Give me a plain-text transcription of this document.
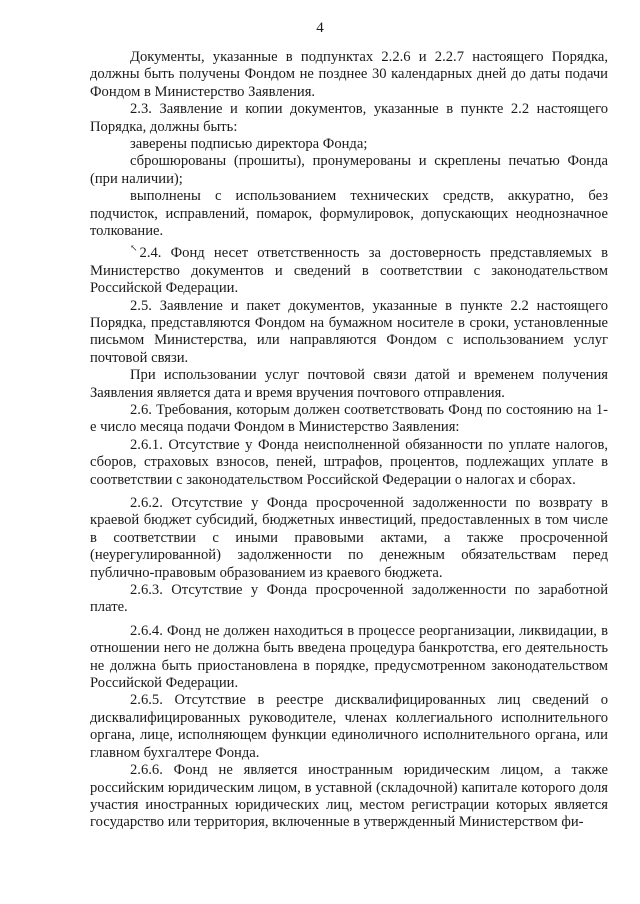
4

Документы, указанные в подпунктах 2.2.6 и 2.2.7 настоящего Порядка, должны быть получены Фондом не позднее 30 календарных дней до даты подачи Фондом в Министерство Заявления.

2.3. Заявление и копии документов, указанные в пункте 2.2 настоящего Порядка, должны быть:

заверены подписью директора Фонда;

сброшюрованы (прошиты), пронумерованы и скреплены печатью Фонда (при наличии);

выполнены с использованием технических средств, аккуратно, без подчисток, исправлений, помарок, формулировок, допускающих неоднозначное толкование.

↖ 2.4. Фонд несет ответственность за достоверность представляемых в Министерство документов и сведений в соответствии с законодательством Российской Федерации.

2.5. Заявление и пакет документов, указанные в пункте 2.2 настоящего Порядка, представляются Фондом на бумажном носителе в сроки, установленные письмом Министерства, или направляются Фондом с использованием услуг почтовой связи.

При использовании услуг почтовой связи датой и временем получения Заявления является дата и время вручения почтового отправления.

2.6. Требования, которым должен соответствовать Фонд по состоянию на 1-е число месяца подачи Фондом в Министерство Заявления:

2.6.1. Отсутствие у Фонда неисполненной обязанности по уплате налогов, сборов, страховых взносов, пеней, штрафов, процентов, подлежащих уплате в соответствии с законодательством Российской Федерации о налогах и сборах.

2.6.2. Отсутствие у Фонда просроченной задолженности по возврату в краевой бюджет субсидий, бюджетных инвестиций, предоставленных в том числе в соответствии с иными правовыми актами, а также просроченной (неурегулированной) задолженности по денежным обязательствам перед публично-правовым образованием из краевого бюджета.

2.6.3. Отсутствие у Фонда просроченной задолженности по заработной плате.

2.6.4. Фонд не должен находиться в процессе реорганизации, ликвидации, в отношении него не должна быть введена процедура банкротства, его деятельность не должна быть приостановлена в порядке, предусмотренном законодательством Российской Федерации.

2.6.5. Отсутствие в реестре дисквалифицированных лиц сведений о дисквалифицированных руководителе, членах коллегиального исполнительного органа, лице, исполняющем функции единоличного исполнительного органа, или главном бухгалтере Фонда.

2.6.6. Фонд не является иностранным юридическим лицом, а также российским юридическим лицом, в уставной (складочной) капитале которого доля участия иностранных юридических лиц, местом регистрации которых является государство или территория, включенные в утвержденный Министерством фи-
